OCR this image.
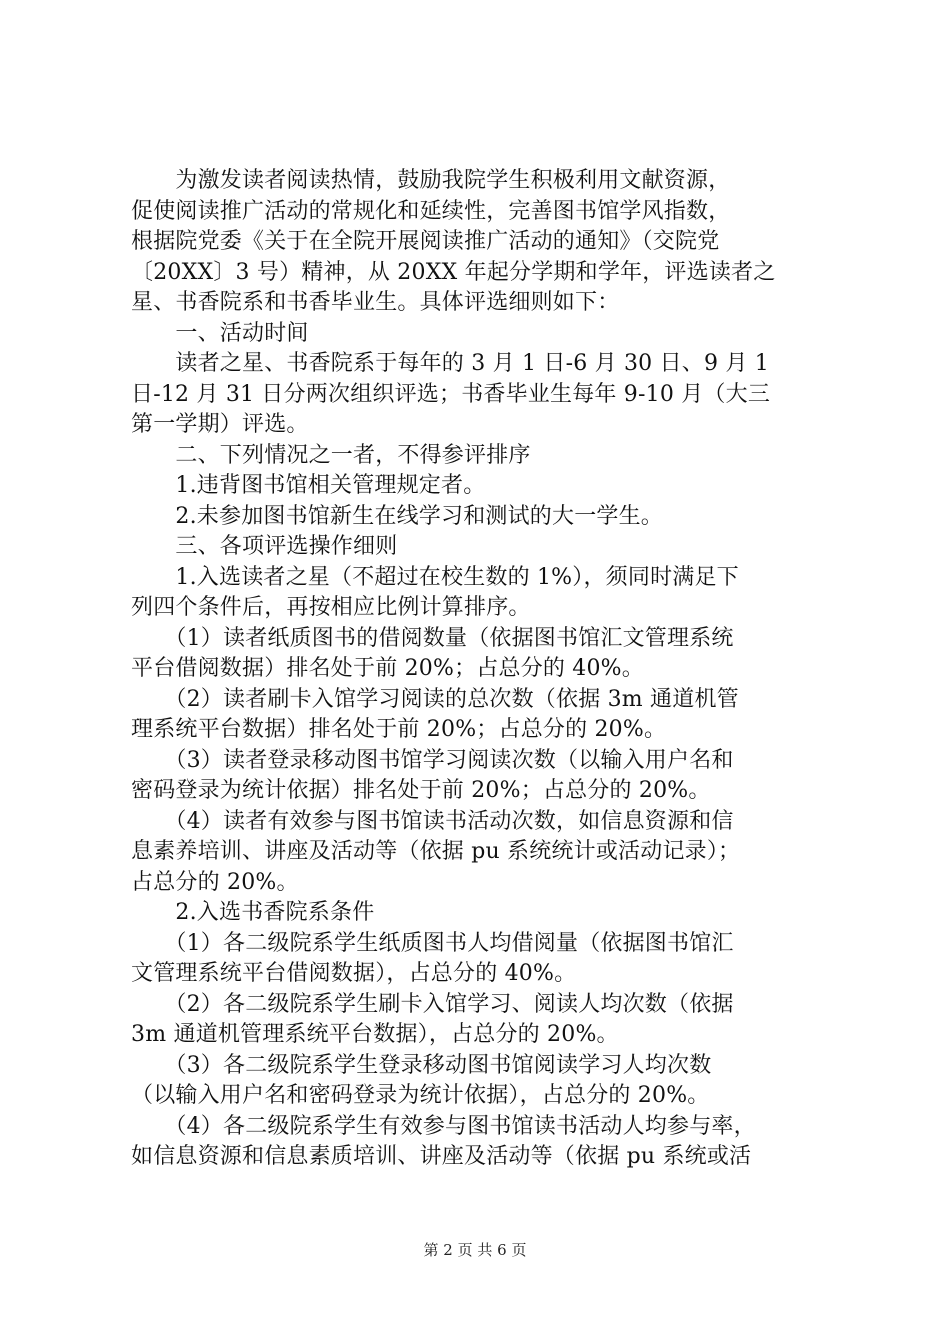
　　为激发读者阅读热情，鼓励我院学生积极利用文献资源，
促使阅读推广活动的常规化和延续性，完善图书馆学风指数，
根据院党委《关于在全院开展阅读推广活动的通知》（交院党
〔20XX〕3 号）精神，从 20XX 年起分学期和学年，评选读者之
星、书香院系和书香毕业生。具体评选细则如下：
　　一、活动时间
　　读者之星、书香院系于每年的 3 月 1 日-6 月 30 日、9 月 1
日-12 月 31 日分两次组织评选；书香毕业生每年 9-10 月（大三
第一学期）评选。
　　二、下列情况之一者，不得参评排序
　　1.违背图书馆相关管理规定者。
　　2.未参加图书馆新生在线学习和测试的大一学生。
　　三、各项评选操作细则
　　1.入选读者之星（不超过在校生数的 1%），须同时满足下
列四个条件后，再按相应比例计算排序。
　　（1）读者纸质图书的借阅数量（依据图书馆汇文管理系统
平台借阅数据）排名处于前 20%；占总分的 40%。
　　（2）读者刷卡入馆学习阅读的总次数（依据 3m 通道机管
理系统平台数据）排名处于前 20%；占总分的 20%。
　　（3）读者登录移动图书馆学习阅读次数（以输入用户名和
密码登录为统计依据）排名处于前 20%；占总分的 20%。
　　（4）读者有效参与图书馆读书活动次数，如信息资源和信
息素养培训、讲座及活动等（依据 pu 系统统计或活动记录）；
占总分的 20%。
　　2.入选书香院系条件
　　（1）各二级院系学生纸质图书人均借阅量（依据图书馆汇
文管理系统平台借阅数据），占总分的 40%。
　　（2）各二级院系学生刷卡入馆学习、阅读人均次数（依据
3m 通道机管理系统平台数据），占总分的 20%。
　　（3）各二级院系学生登录移动图书馆阅读学习人均次数
（以输入用户名和密码登录为统计依据），占总分的 20%。
　　（4）各二级院系学生有效参与图书馆读书活动人均参与率，
如信息资源和信息素质培训、讲座及活动等（依据 pu 系统或活
第 2 页 共 6 页
